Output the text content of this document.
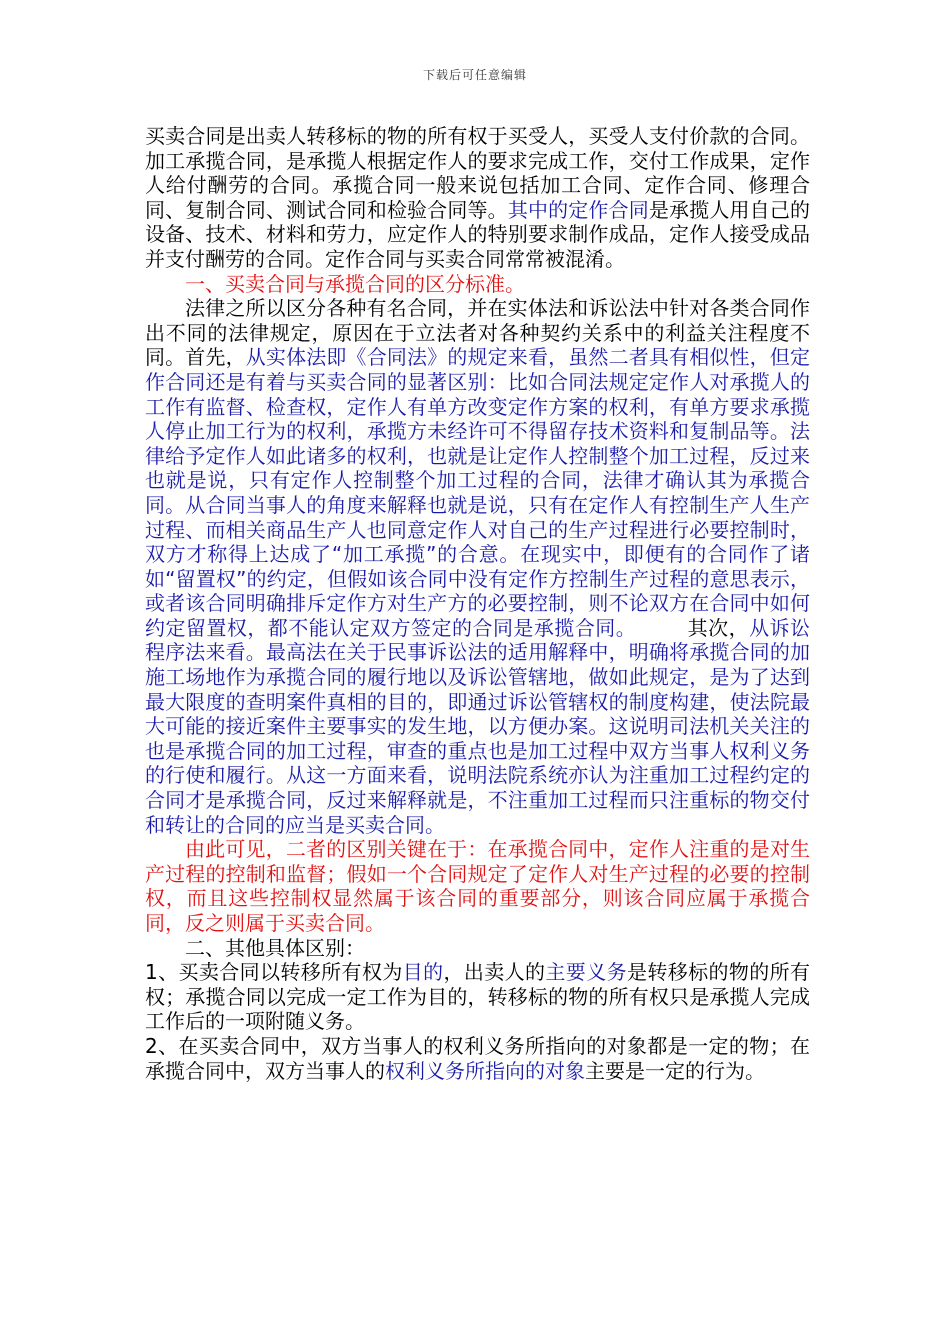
下载后可任意编辑

买卖合同是出卖人转移标的物的所有权于买受人，买受人支付价款的合同。加工承揽合同，是承揽人根据定作人的要求完成工作，交付工作成果，定作人给付酬劳的合同。承揽合同一般来说包括加工合同、定作合同、修理合同、复制合同、测试合同和检验合同等。其中的定作合同是承揽人用自己的设备、技术、材料和劳力，应定作人的特别要求制作成品，定作人接受成品并支付酬劳的合同。定作合同与买卖合同常常被混淆。

一、买卖合同与承揽合同的区分标准。

法律之所以区分各种有名合同，并在实体法和诉讼法中针对各类合同作出不同的法律规定，原因在于立法者对各种契约关系中的利益关注程度不同。首先，从实体法即《合同法》的规定来看，虽然二者具有相似性，但定作合同还是有着与买卖合同的显著区别：比如合同法规定定作人对承揽人的工作有监督、检查权，定作人有单方改变定作方案的权利，有单方要求承揽人停止加工行为的权利，承揽方未经许可不得留存技术资料和复制品等。法律给予定作人如此诸多的权利，也就是让定作人控制整个加工过程，反过来也就是说，只有定作人控制整个加工过程的合同，法律才确认其为承揽合同。从合同当事人的角度来解释也就是说，只有在定作人有控制生产人生产过程、而相关商品生产人也同意定作人对自己的生产过程进行必要控制时，双方才称得上达成了“加工承揽”的合意。在现实中，即便有的合同作了诸如“留置权”的约定，但假如该合同中没有定作方控制生产过程的意思表示，或者该合同明确排斥定作方对生产方的必要控制，则不论双方在合同中如何约定留置权，都不能认定双方签定的合同是承揽合同。　　　其次，从诉讼程序法来看。最高法在关于民事诉讼法的适用解释中，明确将承揽合同的加施工场地作为承揽合同的履行地以及诉讼管辖地，做如此规定，是为了达到最大限度的查明案件真相的目的，即通过诉讼管辖权的制度构建，使法院最大可能的接近案件主要事实的发生地，以方便办案。这说明司法机关关注的也是承揽合同的加工过程，审查的重点也是加工过程中双方当事人权利义务的行使和履行。从这一方面来看，说明法院系统亦认为注重加工过程约定的合同才是承揽合同，反过来解释就是，不注重加工过程而只注重标的物交付和转让的合同的应当是买卖合同。

由此可见，二者的区别关键在于：在承揽合同中，定作人注重的是对生产过程的控制和监督；假如一个合同规定了定作人对生产过程的必要的控制权，而且这些控制权显然属于该合同的重要部分，则该合同应属于承揽合同，反之则属于买卖合同。

二、其他具体区别：

1、买卖合同以转移所有权为目的，出卖人的主要义务是转移标的物的所有权；承揽合同以完成一定工作为目的，转移标的物的所有权只是承揽人完成工作后的一项附随义务。

2、在买卖合同中，双方当事人的权利义务所指向的对象都是一定的物；在承揽合同中，双方当事人的权利义务所指向的对象主要是一定的行为。
